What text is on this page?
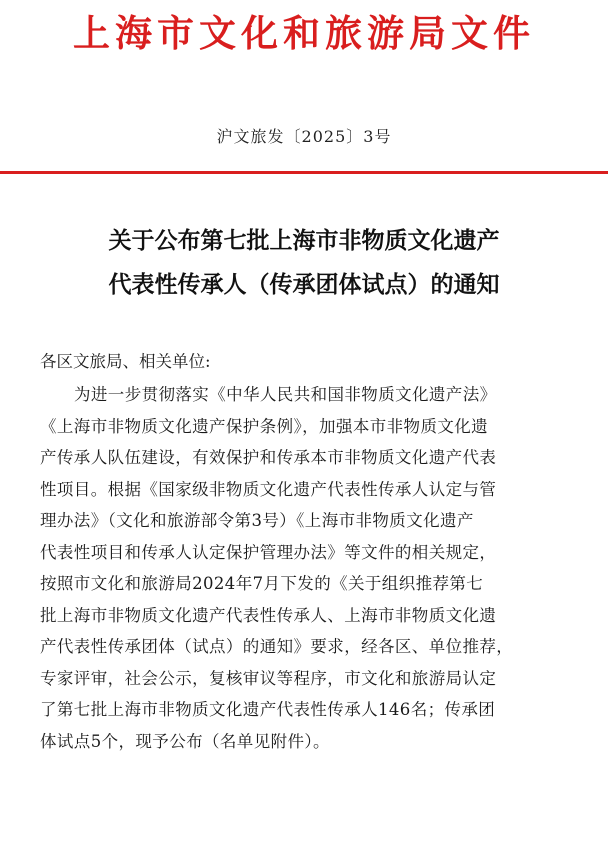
上海市文化和旅游局文件
沪文旅发〔2025〕3号
关于公布第七批上海市非物质文化遗产
代表性传承人（传承团体试点）的通知
各区文旅局、相关单位:
为进一步贯彻落实《中华人民共和国非物质文化遗产法》
《上海市非物质文化遗产保护条例》，加强本市非物质文化遗
产传承人队伍建设，有效保护和传承本市非物质文化遗产代表
性项目。根据《国家级非物质文化遗产代表性传承人认定与管
理办法》（文化和旅游部令第3号）《上海市非物质文化遗产
代表性项目和传承人认定保护管理办法》等文件的相关规定，
按照市文化和旅游局2024年7月下发的《关于组织推荐第七
批上海市非物质文化遗产代表性传承人、上海市非物质文化遗
产代表性传承团体（试点）的通知》要求，经各区、单位推荐，
专家评审，社会公示，复核审议等程序，市文化和旅游局认定
了第七批上海市非物质文化遗产代表性传承人146名；传承团
体试点5个，现予公布（名单见附件）。
